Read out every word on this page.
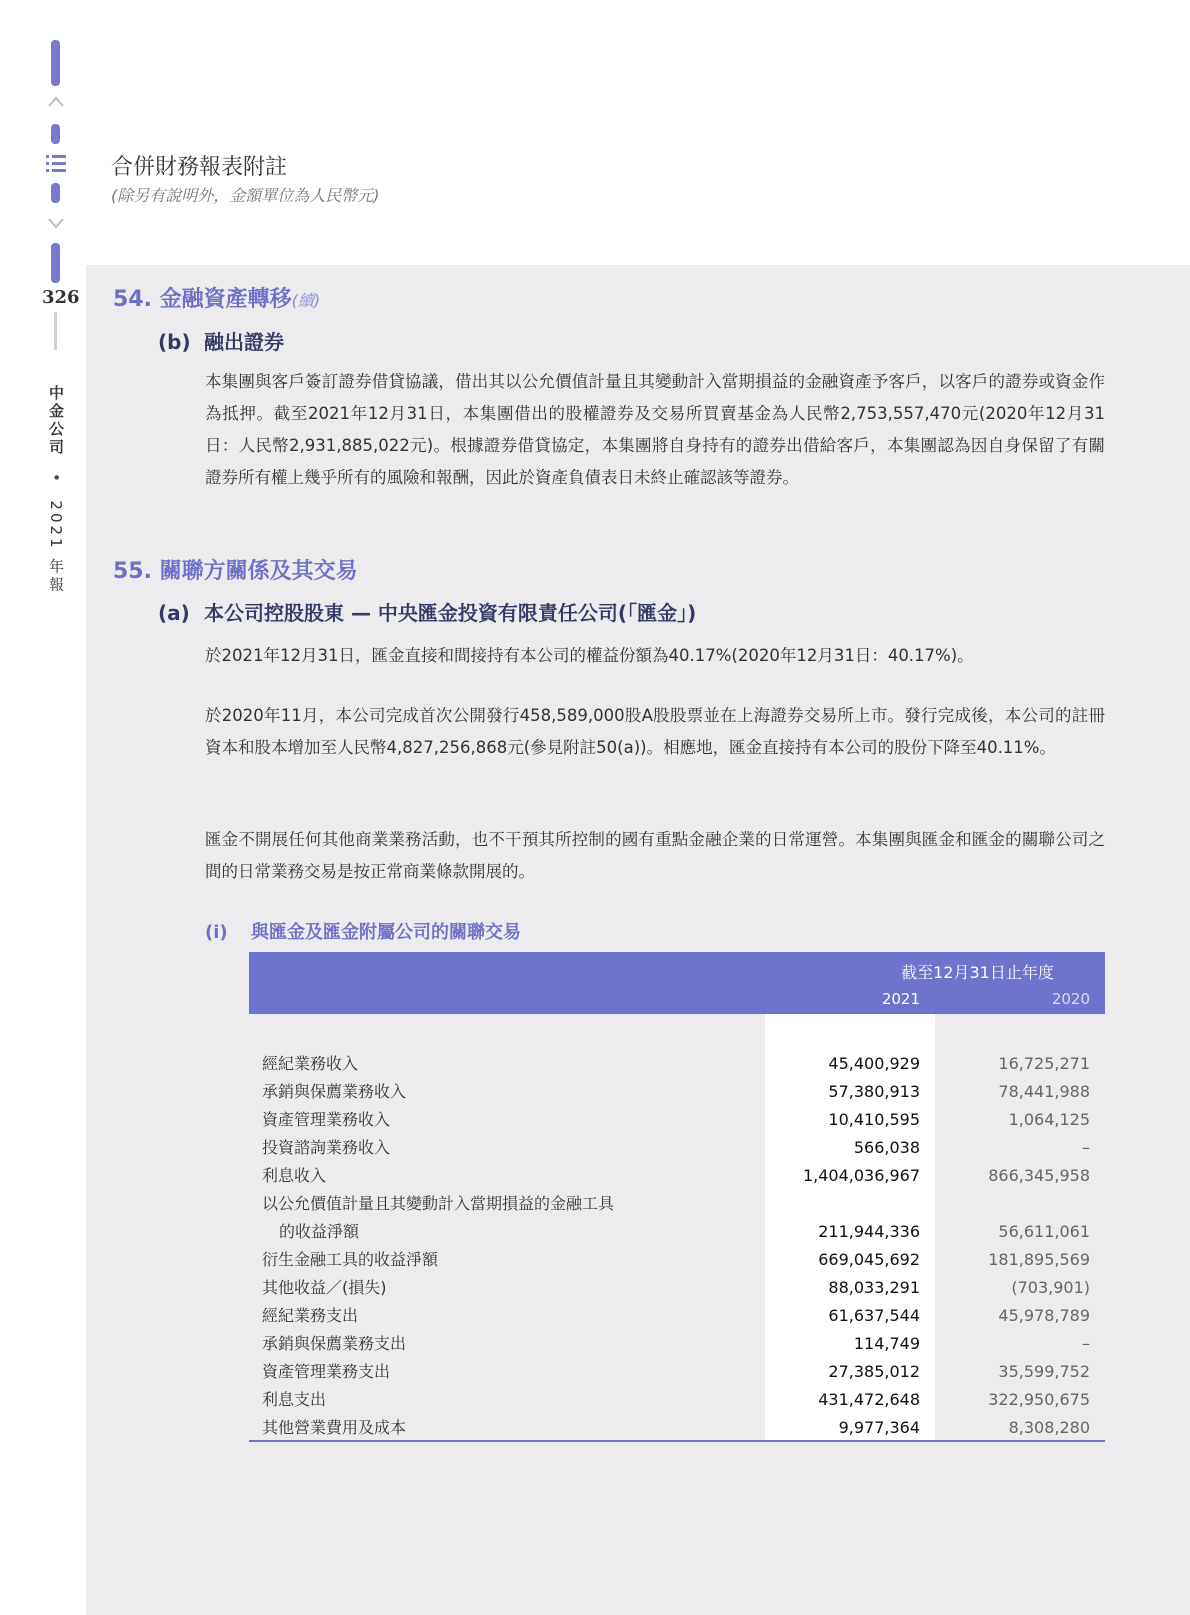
326
中金公司 • 2021 年報
合併財務報表附註
(除另有說明外，金額單位為人民幣元)
54. 金融資產轉移(續)
(b) 融出證券
本集團與客戶簽訂證券借貸協議，借出其以公允價值計量且其變動計入當期損益的金融資產予客戶，以客戶的證券或資金作為抵押。截至2021年12月31日，本集團借出的股權證券及交易所買賣基金為人民幣2,753,557,470元(2020年12月31日：人民幣2,931,885,022元)。根據證券借貸協定，本集團將自身持有的證券出借給客戶，本集團認為因自身保留了有關證券所有權上幾乎所有的風險和報酬，因此於資產負債表日未終止確認該等證券。
55. 關聯方關係及其交易
(a) 本公司控股股東 — 中央匯金投資有限責任公司(「匯金」)
於2021年12月31日，匯金直接和間接持有本公司的權益份額為40.17%(2020年12月31日：40.17%)。
於2020年11月，本公司完成首次公開發行458,589,000股A股股票並在上海證券交易所上市。發行完成後，本公司的註冊資本和股本增加至人民幣4,827,256,868元(參見附註50(a))。相應地，匯金直接持有本公司的股份下降至40.11%。
匯金不開展任何其他商業業務活動，也不干預其所控制的國有重點金融企業的日常運營。本集團與匯金和匯金的關聯公司之間的日常業務交易是按正常商業條款開展的。
(i) 與匯金及匯金附屬公司的關聯交易
截至12月31日止年度
2021	2020
經紀業務收入	45,400,929	16,725,271
承銷與保薦業務收入	57,380,913	78,441,988
資產管理業務收入	10,410,595	1,064,125
投資諮詢業務收入	566,038	–
利息收入	1,404,036,967	866,345,958
以公允價值計量且其變動計入當期損益的金融工具
的收益淨額	211,944,336	56,611,061
衍生金融工具的收益淨額	669,045,692	181,895,569
其他收益／(損失)	88,033,291	(703,901)
經紀業務支出	61,637,544	45,978,789
承銷與保薦業務支出	114,749	–
資產管理業務支出	27,385,012	35,599,752
利息支出	431,472,648	322,950,675
其他營業費用及成本	9,977,364	8,308,280
